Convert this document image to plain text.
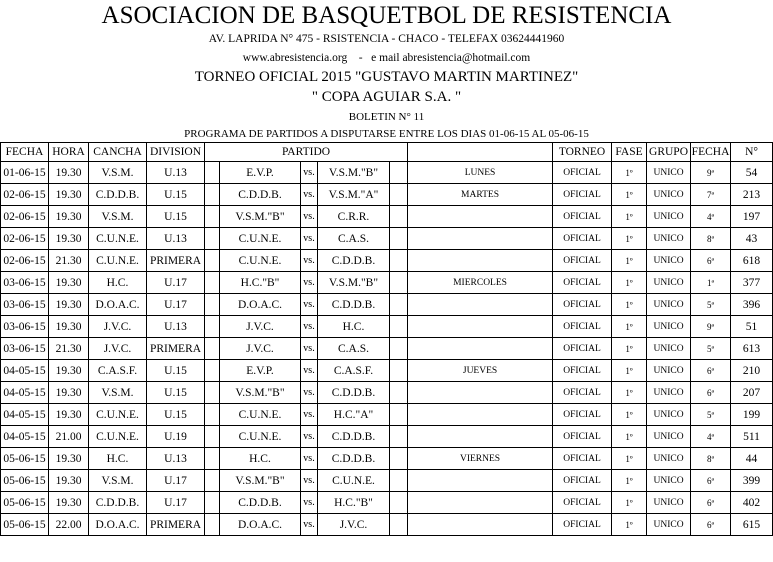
ASOCIACION DE BASQUETBOL DE RESISTENCIA
AV. LAPRIDA N° 475 - RSISTENCIA - CHACO - TELEFAX 03624441960
www.abresistencia.org    -   e mail abresistencia@hotmail.com
TORNEO OFICIAL 2015 "GUSTAVO MARTIN MARTINEZ"
" COPA AGUIAR S.A. "
BOLETIN N° 11
PROGRAMA DE PARTIDOS A DISPUTARSE ENTRE LOS DIAS 01-06-15 AL 05-06-15
FECHA	HORA	CANCHA	DIVISION	PARTIDO						TORNEO	FASE	GRUPO	FECHA	N°
01-06-15	19.30	V.S.M.	U.13		E.V.P.	vs.	V.S.M."B"		LUNES	OFICIAL	1º	UNICO	9ª	54
02-06-15	19.30	C.D.D.B.	U.15		C.D.D.B.	vs.	V.S.M."A"		MARTES	OFICIAL	1º	UNICO	7ª	213
02-06-15	19.30	V.S.M.	U.15		V.S.M."B"	vs.	C.R.R.			OFICIAL	1º	UNICO	4ª	197
02-06-15	19.30	C.U.N.E.	U.13		C.U.N.E.	vs.	C.A.S.			OFICIAL	1º	UNICO	8ª	43
02-06-15	21.30	C.U.N.E.	PRIMERA		C.U.N.E.	vs.	C.D.D.B.			OFICIAL	1º	UNICO	6ª	618
03-06-15	19.30	H.C.	U.17		H.C."B"	vs.	V.S.M."B"		MIERCOLES	OFICIAL	1º	UNICO	1ª	377
03-06-15	19.30	D.O.A.C.	U.17		D.O.A.C.	vs.	C.D.D.B.			OFICIAL	1º	UNICO	5ª	396
03-06-15	19.30	J.V.C.	U.13		J.V.C.	vs.	H.C.			OFICIAL	1º	UNICO	9ª	51
03-06-15	21.30	J.V.C.	PRIMERA		J.V.C.	vs.	C.A.S.			OFICIAL	1º	UNICO	5ª	613
04-05-15	19.30	C.A.S.F.	U.15		E.V.P.	vs.	C.A.S.F.		JUEVES	OFICIAL	1º	UNICO	6ª	210
04-05-15	19.30	V.S.M.	U.15		V.S.M."B"	vs.	C.D.D.B.			OFICIAL	1º	UNICO	6ª	207
04-05-15	19.30	C.U.N.E.	U.15		C.U.N.E.	vs.	H.C."A"			OFICIAL	1º	UNICO	5ª	199
04-05-15	21.00	C.U.N.E.	U.19		C.U.N.E.	vs.	C.D.D.B.			OFICIAL	1º	UNICO	4ª	511
05-06-15	19.30	H.C.	U.13		H.C.	vs.	C.D.D.B.		VIERNES	OFICIAL	1º	UNICO	8ª	44
05-06-15	19.30	V.S.M.	U.17		V.S.M."B"	vs.	C.U.N.E.			OFICIAL	1º	UNICO	6ª	399
05-06-15	19.30	C.D.D.B.	U.17		C.D.D.B.	vs.	H.C."B"			OFICIAL	1º	UNICO	6ª	402
05-06-15	22.00	D.O.A.C.	PRIMERA		D.O.A.C.	vs.	J.V.C.			OFICIAL	1º	UNICO	6ª	615
